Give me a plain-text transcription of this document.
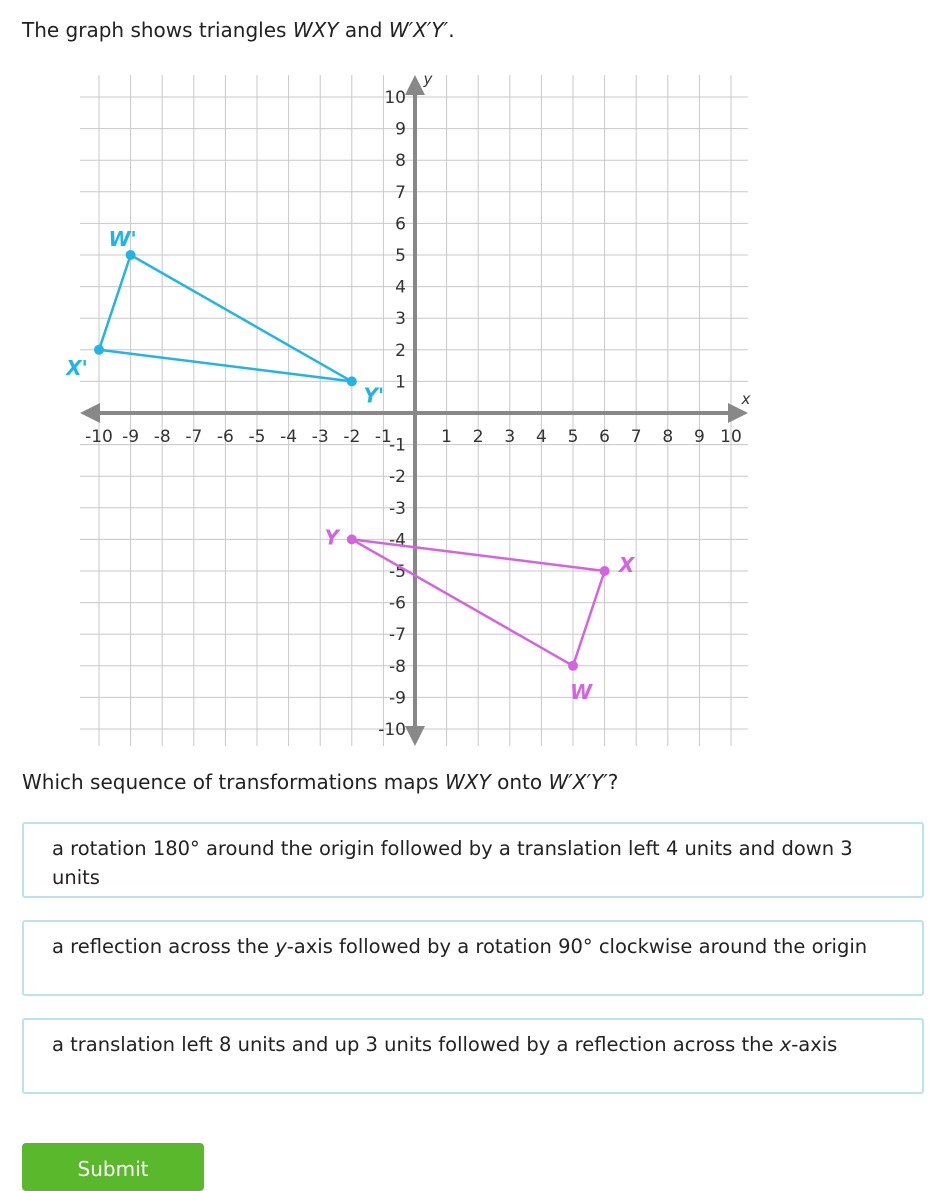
The graph shows triangles WXY and W′X′Y′.
x
y
-10 -9 -8 -7 -6 -5 -4 -3 -2 -1	1 2 3 4 5 6 7 8 9 10
10
9
8
7
6
5
4
3
2
1
-1
-2
-3
-4
-5
-6
-7
-8
-9
-10
W
X
Y
W'
X'
Y'
Which sequence of transformations maps WXY onto W′X′Y′?
a rotation 180° around the origin followed by a translation left 4 units and down 3 units
a reflection across the y-axis followed by a rotation 90° clockwise around the origin
a translation left 8 units and up 3 units followed by a reflection across the x-axis
Submit
